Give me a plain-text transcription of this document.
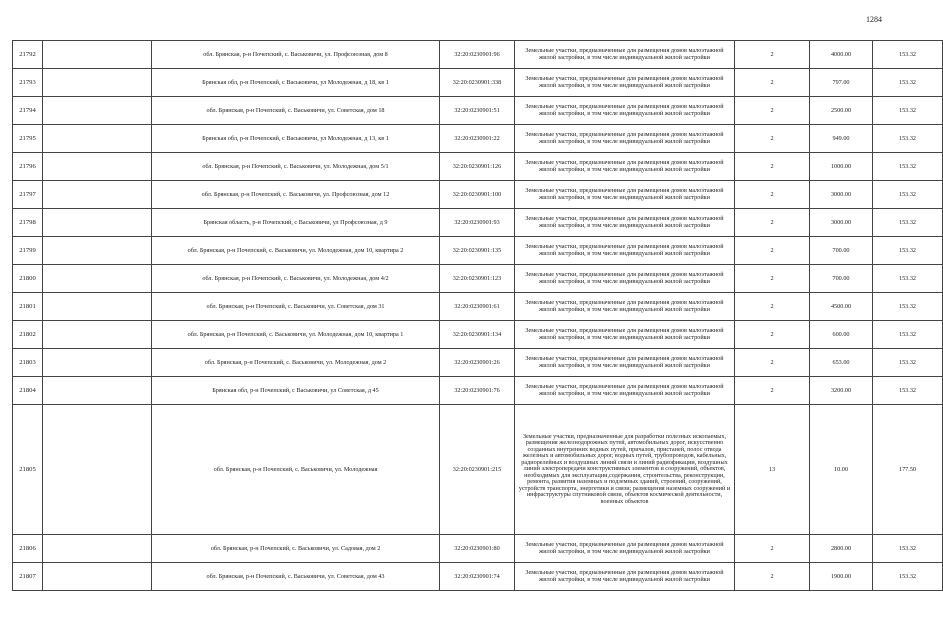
1284
21792		обл. Брянская, р-н Почепский, с. Васьковичи, ул. Профсоюзная, дом 8	32:20:0230901:96	Земельные участки, предназначенные для размещения домов малоэтажной жилой застройки, в том числе индивидуальной жилой застройки	2	4000.00	153.32	
21793		Брянская обл, р-н Почепский, с Васьковичи, ул Молодежная, д 18, кв 1	32:20:0230901:338	Земельные участки, предназначенные для размещения домов малоэтажной жилой застройки, в том числе индивидуальной жилой застройки	2	797.00	153.32	
21794		обл. Брянская, р-н Почепский, с. Васьковичи, ул. Советская, дом 18	32:20:0230901:51	Земельные участки, предназначенные для размещения домов малоэтажной жилой застройки, в том числе индивидуальной жилой застройки	2	2500.00	153.32	
21795		Брянская обл, р-н Почепский, с Васьковичи, ул Молодежная, д 13, кв 1	32:20:0230901:22	Земельные участки, предназначенные для размещения домов малоэтажной жилой застройки, в том числе индивидуальной жилой застройки	2	949.00	153.32	
21796		обл. Брянская, р-н Почепский, с. Васьковичи, ул. Молодежная, дом 5/1	32:20:0230901:126	Земельные участки, предназначенные для размещения домов малоэтажной жилой застройки, в том числе индивидуальной жилой застройки	2	1000.00	153.32	
21797		обл. Брянская, р-н Почепский, с. Васьковичи, ул. Профсоюзная, дом 12	32:20:0230901:100	Земельные участки, предназначенные для размещения домов малоэтажной жилой застройки, в том числе индивидуальной жилой застройки	2	3000.00	153.32	
21798		Брянская область, р-н Почепский, с Васьковичи, ул Профсоюзная, д 9	32:20:0230901:93	Земельные участки, предназначенные для размещения домов малоэтажной жилой застройки, в том числе индивидуальной жилой застройки	2	3000.00	153.32	
21799		обл. Брянская, р-н Почепский, с. Васьковичи, ул. Молодежная, дом 10, квартира 2	32:20:0230901:135	Земельные участки, предназначенные для размещения домов малоэтажной жилой застройки, в том числе индивидуальной жилой застройки	2	700.00	153.32	
21800		обл. Брянская, р-н Почепский, с. Васьковичи, ул. Молодежная, дом 4/2	32:20:0230901:123	Земельные участки, предназначенные для размещения домов малоэтажной жилой застройки, в том числе индивидуальной жилой застройки	2	700.00	153.32	
21801		обл. Брянская, р-н Почепский, с. Васьковичи, ул. Советская, дом 31	32:20:0230901:61	Земельные участки, предназначенные для размещения домов малоэтажной жилой застройки, в том числе индивидуальной жилой застройки	2	4500.00	153.32	
21802		обл. Брянская, р-н Почепский, с. Васьковичи, ул. Молодежная, дом 10, квартира 1	32:20:0230901:134	Земельные участки, предназначенные для размещения домов малоэтажной жилой застройки, в том числе индивидуальной жилой застройки	2	600.00	153.32	
21803		обл. Брянская, р-н Почепский, с. Васьковичи, ул. Молодежная, дом 2	32:20:0230901:26	Земельные участки, предназначенные для размещения домов малоэтажной жилой застройки, в том числе индивидуальной жилой застройки	2	653.00	153.32	
21804		Брянская обл, р-н Почепский, с Васьковичи, ул Советская, д 45	32:20:0230901:76	Земельные участки, предназначенные для размещения домов малоэтажной жилой застройки, в том числе индивидуальной жилой застройки	2	3200.00	153.32	
21805		обл. Брянская, р-н Почепский, с. Васьковичи, ул. Молодежная	32:20:0230901:215	Земельные участки, предназначенные для разработки полезных ископаемых, размещения железнодорожных путей, автомобильных дорог, искусственно созданных внутренних водных путей, причалов, пристаней, полос отвода железных и автомобильных дорог, водных путей, трубопроводов, кабельных, радиорелейных и воздушных линий связи и линий радиофикации, воздушных линий электропередачи конструктивных элементов и сооружений, объектов, необходимых для эксплуатации,содержания, строительства, реконструкции, ремонта, развития наземных и подземных зданий, строений, сооружений, устройств транспорта, энергетики и связи; размещения наземных сооружений и инфраструктуры спутниковой связи, объектов космической деятельности, военных объектов	13	10.00	177.50	
21806		обл. Брянская, р-н Почепский, с. Васьковичи, ул. Садовая, дом 2	32:20:0230901:80	Земельные участки, предназначенные для размещения домов малоэтажной жилой застройки, в том числе индивидуальной жилой застройки	2	2800.00	153.32	
21807		обл. Брянская, р-н Почепский, с. Васьковичи, ул. Советская, дом 43	32:20:0230901:74	Земельные участки, предназначенные для размещения домов малоэтажной жилой застройки, в том числе индивидуальной жилой застройки	2	1900.00	153.32	
